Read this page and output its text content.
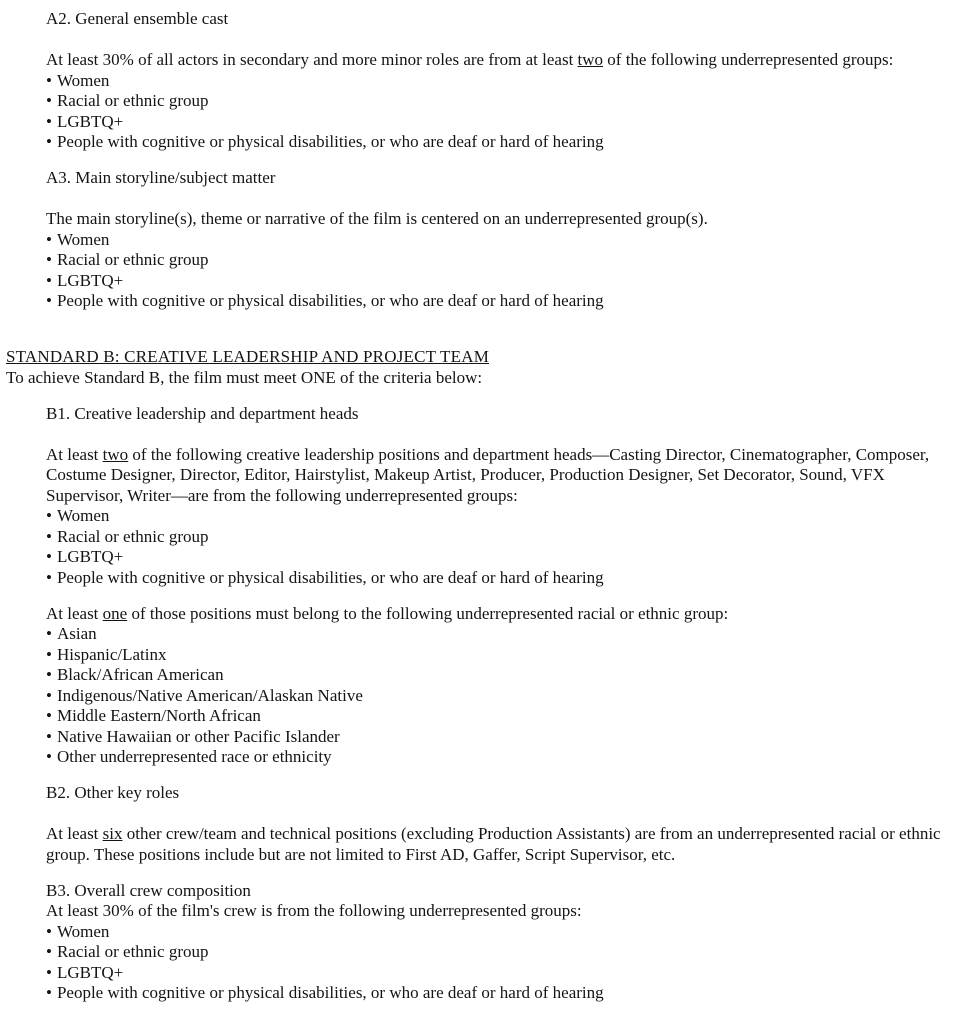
A2. General ensemble cast

At least 30% of all actors in secondary and more minor roles are from at least two of the following underrepresented groups:

• Women
• Racial or ethnic group
• LGBTQ+
• People with cognitive or physical disabilities, or who are deaf or hard of hearing

A3. Main storyline/subject matter

The main storyline(s), theme or narrative of the film is centered on an underrepresented group(s).

• Women
• Racial or ethnic group
• LGBTQ+
• People with cognitive or physical disabilities, or who are deaf or hard of hearing

STANDARD B: CREATIVE LEADERSHIP AND PROJECT TEAM

To achieve Standard B, the film must meet ONE of the criteria below:

B1. Creative leadership and department heads

At least two of the following creative leadership positions and department heads—Casting Director, Cinematographer, Composer, Costume Designer, Director, Editor, Hairstylist, Makeup Artist, Producer, Production Designer, Set Decorator, Sound, VFX Supervisor, Writer—are from the following underrepresented groups:

• Women
• Racial or ethnic group
• LGBTQ+
• People with cognitive or physical disabilities, or who are deaf or hard of hearing

At least one of those positions must belong to the following underrepresented racial or ethnic group:

• Asian
• Hispanic/Latinx
• Black/African American
• Indigenous/Native American/Alaskan Native
• Middle Eastern/North African
• Native Hawaiian or other Pacific Islander
• Other underrepresented race or ethnicity

B2. Other key roles

At least six other crew/team and technical positions (excluding Production Assistants) are from an underrepresented racial or ethnic group. These positions include but are not limited to First AD, Gaffer, Script Supervisor, etc.

B3. Overall crew composition

At least 30% of the film's crew is from the following underrepresented groups:

• Women
• Racial or ethnic group
• LGBTQ+
• People with cognitive or physical disabilities, or who are deaf or hard of hearing
